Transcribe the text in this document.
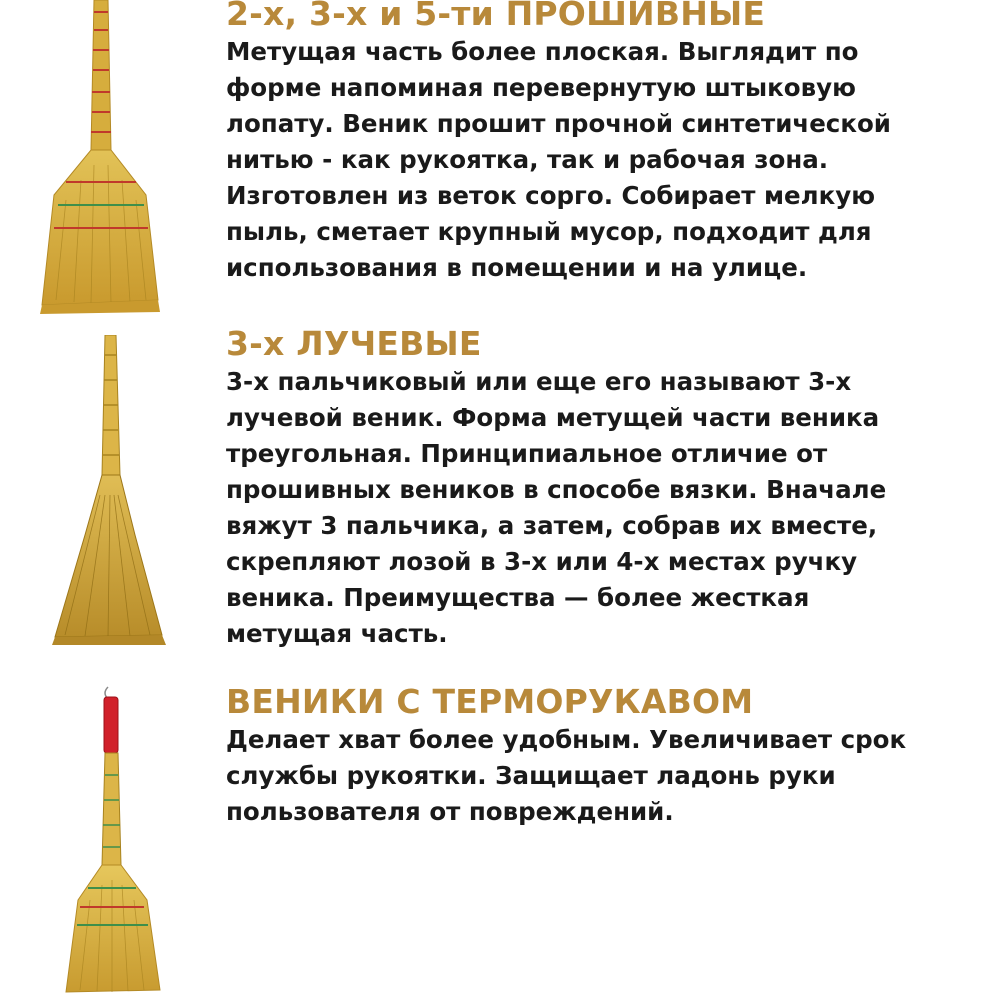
2-х, 3-х и 5-ти ПРОШИВНЫЕ
Метущая часть более плоская. Выглядит по
форме напоминая перевернутую штыковую
лопату. Веник прошит прочной синтетической
нитью - как рукоятка, так и рабочая зона.
Изготовлен из веток сорго. Собирает мелкую
пыль, сметает крупный мусор, подходит для
использования в помещении и на улице.
3-х ЛУЧЕВЫЕ
3-х пальчиковый или еще его называют 3-х
лучевой веник. Форма метущей части веника
треугольная. Принципиальное отличие от
прошивных веников в способе вязки. Вначале
вяжут 3 пальчика, а затем, собрав их вместе,
скрепляют лозой в 3-х или 4-х местах ручку
веника. Преимущества — более жесткая
метущая часть.
ВЕНИКИ С ТЕРМОРУКАВОМ
Делает хват более удобным. Увеличивает срок
службы рукоятки. Защищает ладонь руки
пользователя от повреждений.
